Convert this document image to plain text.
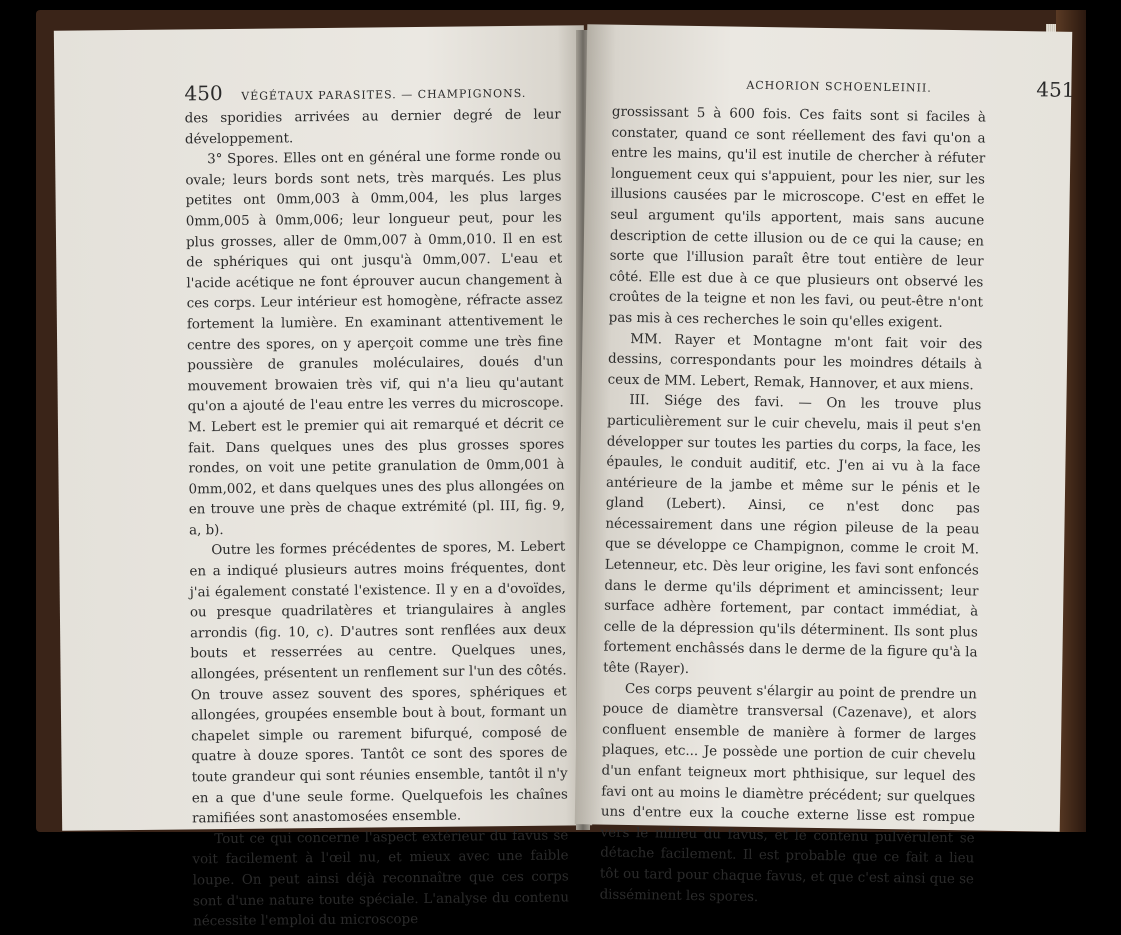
450 VÉGÉTAUX PARASITES. — CHAMPIGNONS.

des sporidies arrivées au dernier degré de leur développement.

3° Spores. Elles ont en général une forme ronde ou ovale; leurs bords sont nets, très marqués. Les plus petites ont 0mm,003 à 0mm,004, les plus larges 0mm,005 à 0mm,006; leur longueur peut, pour les plus grosses, aller de 0mm,007 à 0mm,010. Il en est de sphériques qui ont jusqu'à 0mm,007. L'eau et l'acide acétique ne font éprouver aucun changement à ces corps. Leur intérieur est homogène, réfracte assez fortement la lumière. En examinant attentivement le centre des spores, on y aperçoit comme une très fine poussière de granules moléculaires, doués d'un mouvement browaien très vif, qui n'a lieu qu'autant qu'on a ajouté de l'eau entre les verres du microscope. M. Lebert est le premier qui ait remarqué et décrit ce fait. Dans quelques unes des plus grosses spores rondes, on voit une petite granulation de 0mm,001 à 0mm,002, et dans quelques unes des plus allongées on en trouve une près de chaque extrémité (pl. III, fig. 9, a, b).

Outre les formes précédentes de spores, M. Lebert en a indiqué plusieurs autres moins fréquentes, dont j'ai également constaté l'existence. Il y en a d'ovoïdes, ou presque quadrilatères et triangulaires à angles arrondis (fig. 10, c). D'autres sont renflées aux deux bouts et resserrées au centre. Quelques unes, allongées, présentent un renflement sur l'un des côtés. On trouve assez souvent des spores, sphériques et allongées, groupées ensemble bout à bout, formant un chapelet simple ou rarement bifurqué, composé de quatre à douze spores. Tantôt ce sont des spores de toute grandeur qui sont réunies ensemble, tantôt il n'y en a que d'une seule forme. Quelquefois les chaînes ramifiées sont anastomosées ensemble.

Tout ce qui concerne l'aspect extérieur du favus se voit facilement à l'œil nu, et mieux avec une faible loupe. On peut ainsi déjà reconnaître que ces corps sont d'une nature toute spéciale. L'analyse du contenu nécessite l'emploi du microscope

ACHORION SCHOENLEINII.	451

grossissant 5 à 600 fois. Ces faits sont si faciles à constater, quand ce sont réellement des favi qu'on a entre les mains, qu'il est inutile de chercher à réfuter longuement ceux qui s'appuient, pour les nier, sur les illusions causées par le microscope. C'est en effet le seul argument qu'ils apportent, mais sans aucune description de cette illusion ou de ce qui la cause; en sorte que l'illusion paraît être tout entière de leur côté. Elle est due à ce que plusieurs ont observé les croûtes de la teigne et non les favi, ou peut-être n'ont pas mis à ces recherches le soin qu'elles exigent.

MM. Rayer et Montagne m'ont fait voir des dessins, correspondants pour les moindres détails à ceux de MM. Lebert, Remak, Hannover, et aux miens.

III. Siége des favi. — On les trouve plus particulièrement sur le cuir chevelu, mais il peut s'en développer sur toutes les parties du corps, la face, les épaules, le conduit auditif, etc. J'en ai vu à la face antérieure de la jambe et même sur le pénis et le gland (Lebert). Ainsi, ce n'est donc pas nécessairement dans une région pileuse de la peau que se développe ce Champignon, comme le croit M. Letenneur, etc. Dès leur origine, les favi sont enfoncés dans le derme qu'ils dépriment et amincissent; leur surface adhère fortement, par contact immédiat, à celle de la dépression qu'ils déterminent. Ils sont plus fortement enchâssés dans le derme de la figure qu'à la tête (Rayer).

Ces corps peuvent s'élargir au point de prendre un pouce de diamètre transversal (Cazenave), et alors confluent ensemble de manière à former de larges plaques, etc... Je possède une portion de cuir chevelu d'un enfant teigneux mort phthisique, sur lequel des favi ont au moins le diamètre précédent; sur quelques uns d'entre eux la couche externe lisse est rompue vers le milieu du favus, et le contenu pulvérulent se détache facilement. Il est probable que ce fait a lieu tôt ou tard pour chaque favus, et que c'est ainsi que se disséminent les spores.
